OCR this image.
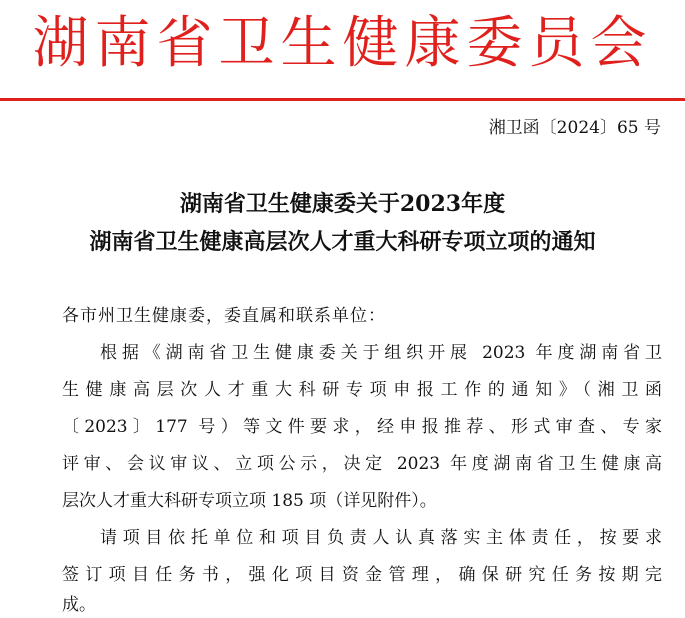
湖南省卫生健康委员会
湘卫函〔2024〕65 号
湖南省卫生健康委关于2023年度
湖南省卫生健康高层次人才重大科研专项立项的通知
各市州卫生健康委，委直属和联系单位：
根据《湖南省卫生健康委关于组织开展 2023 年度湖南省卫
生健康高层次人才重大科研专项申报工作的通知》（湘卫函
〔2023〕177 号）等文件要求，经申报推荐、形式审查、专家
评审、会议审议、立项公示，决定 2023 年度湖南省卫生健康高
层次人才重大科研专项立项 185 项（详见附件）。
请项目依托单位和项目负责人认真落实主体责任，按要求
签订项目任务书，强化项目资金管理，确保研究任务按期完
成。
